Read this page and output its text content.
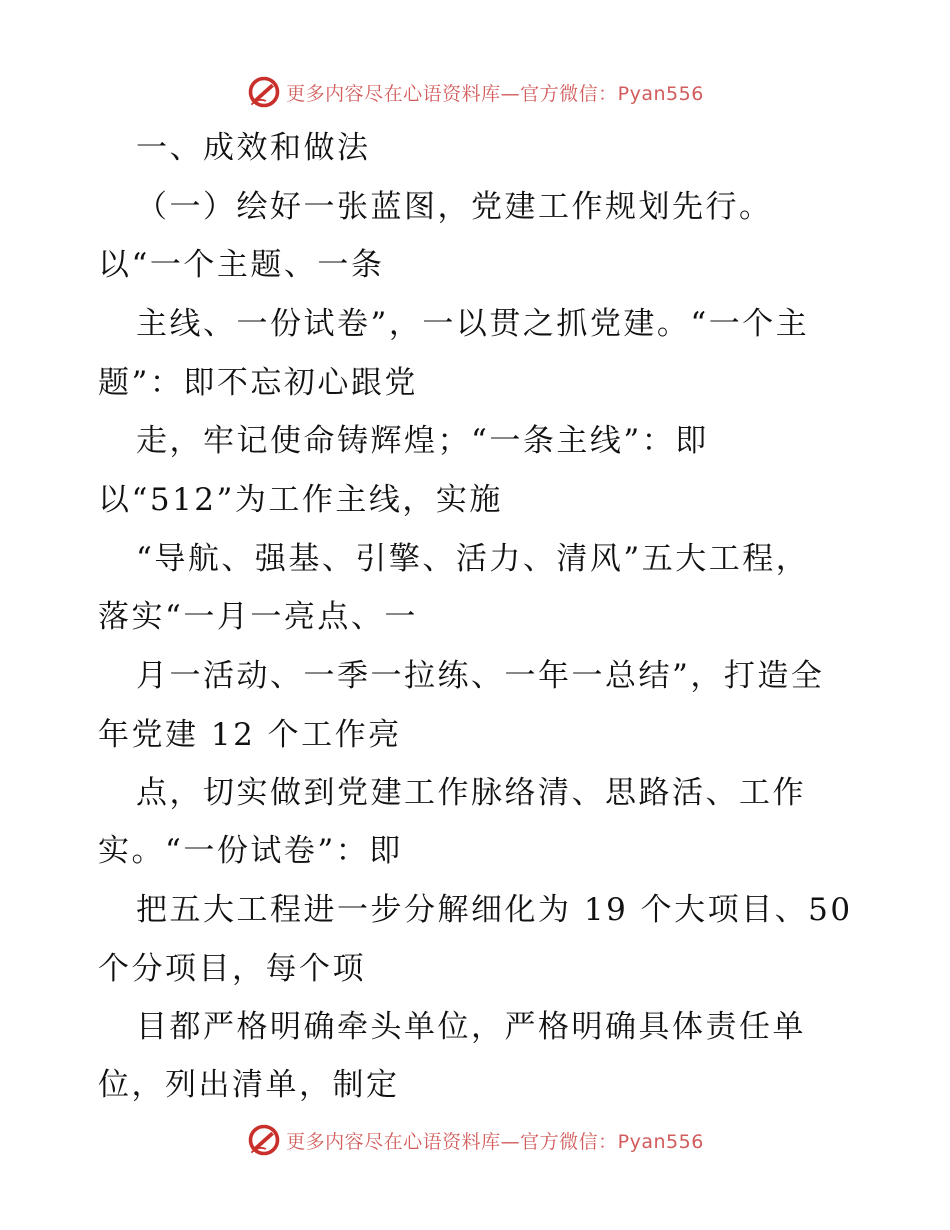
更多内容尽在心语资料库—官方微信：Pyan556
一、成效和做法
（一）绘好一张蓝图，党建工作规划先行。
以“一个主题、一条
主线、一份试卷”，一以贯之抓党建。“一个主
题”：即不忘初心跟党
走，牢记使命铸辉煌；“一条主线”：即
以“512”为工作主线，实施
“导航、强基、引擎、活力、清风”五大工程，
落实“一月一亮点、一
月一活动、一季一拉练、一年一总结”，打造全
年党建 12 个工作亮
点，切实做到党建工作脉络清、思路活、工作
实。“一份试卷”：即
把五大工程进一步分解细化为 19 个大项目、50
个分项目，每个项
目都严格明确牵头单位，严格明确具体责任单
位，列出清单，制定
更多内容尽在心语资料库—官方微信：Pyan556
